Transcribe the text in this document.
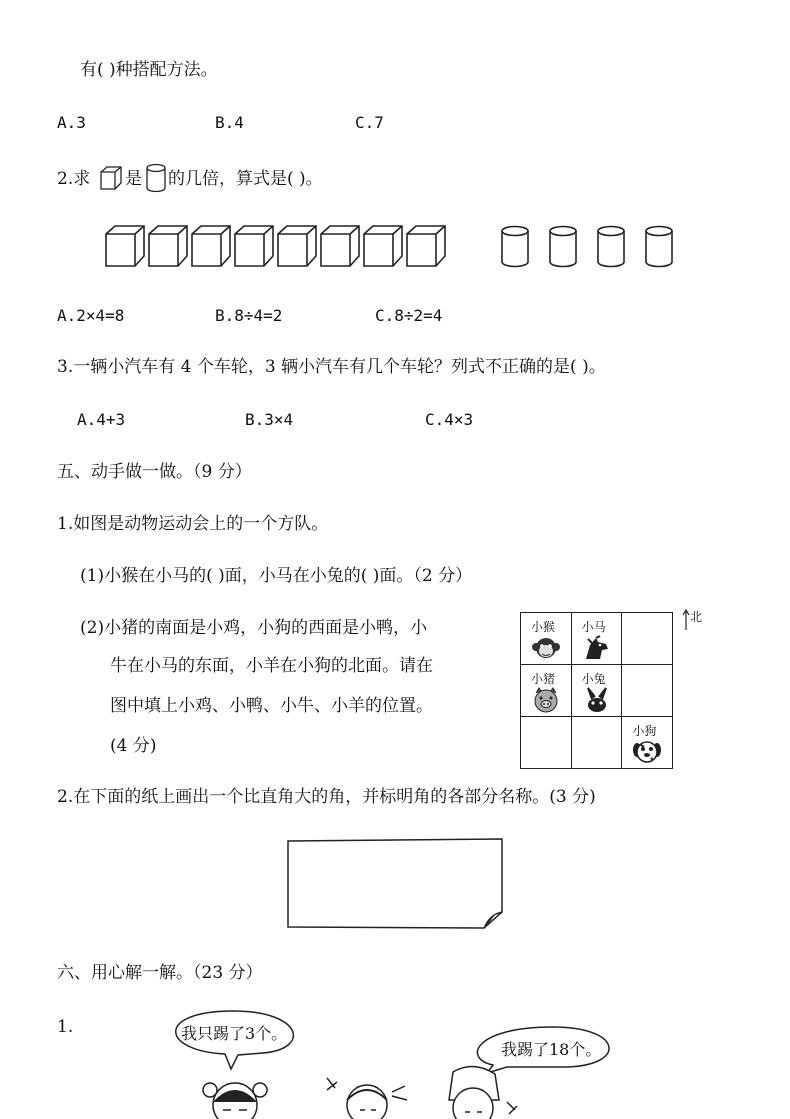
有( )种搭配方法。
A.3	B.4	C.7
2.求 是 的几倍，算式是( )。
A.2×4=8	B.8÷4=2	C.8÷2=4
3.一辆小汽车有 4 个车轮，3 辆小汽车有几个车轮？列式不正确的是( )。
A.4+3	B.3×4	C.4×3
五、动手做一做。（9 分）
1.如图是动物运动会上的一个方队。
(1)小猴在小马的( )面，小马在小兔的( )面。（2 分）
(2)小猪的南面是小鸡，小狗的西面是小鸭，小
牛在小马的东面，小羊在小狗的北面。请在
图中填上小鸡、小鸭、小牛、小羊的位置。
(4 分)
北
小猴	小马	

小猪	小兔	

		小狗
2.在下面的纸上画出一个比直角大的角，并标明角的各部分名称。(3 分)
六、用心解一解。（23 分）
1.	我只踢了3个。
我踢了18个。
